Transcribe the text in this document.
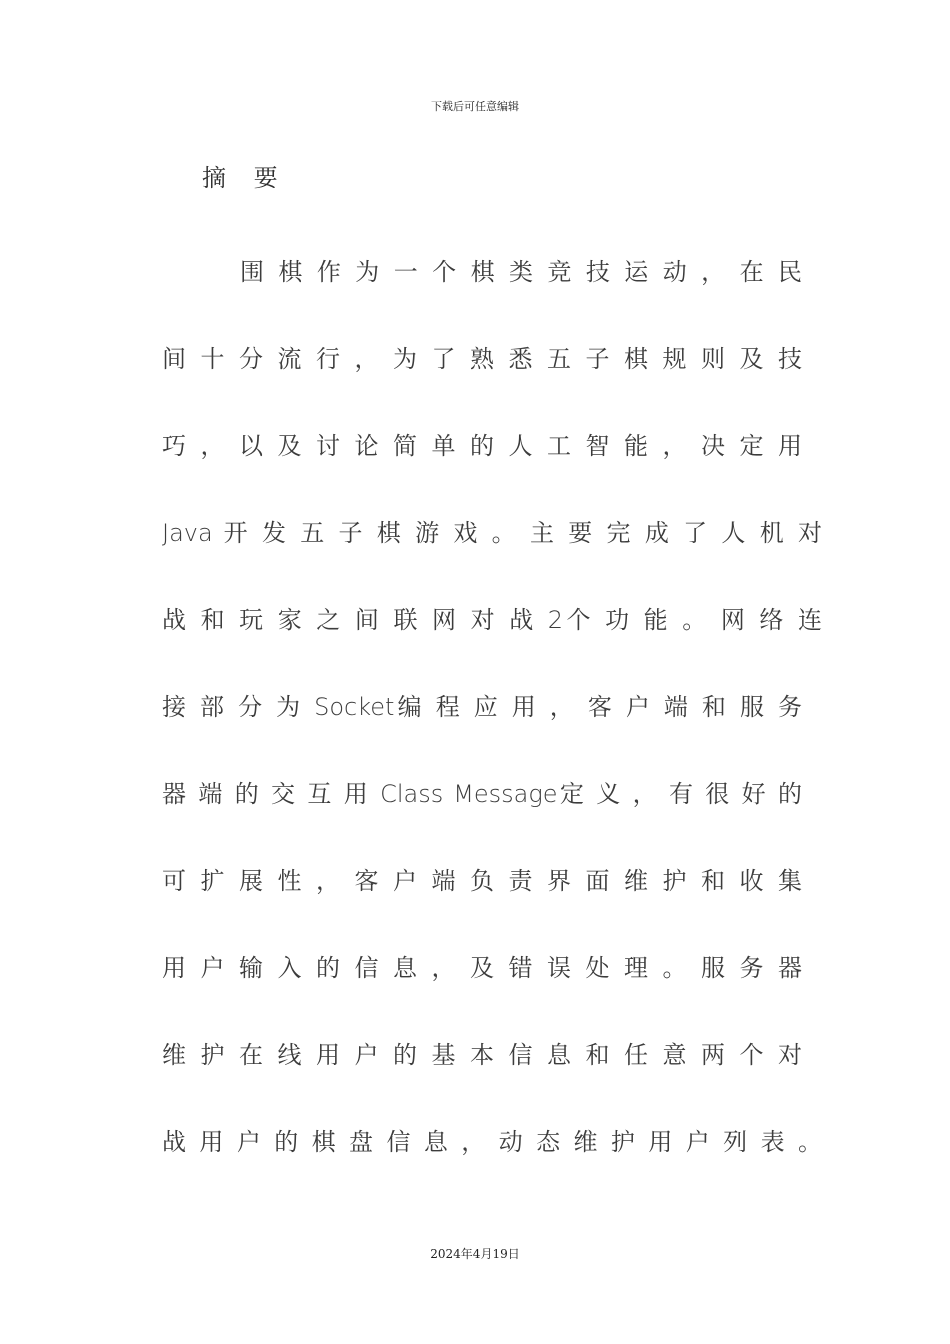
下载后可任意编辑
摘 要
围 棋 作 为 一 个 棋 类 竞 技 运 动 ， 在 民
间 十 分 流 行 ， 为 了 熟 悉 五 子 棋 规 则 及 技
巧 ， 以 及 讨 论 简 单 的 人 工 智 能 ， 决 定 用
Java 开 发 五 子 棋 游 戏 。 主 要 完 成 了 人 机 对
战 和 玩 家 之 间 联 网 对 战 2个 功 能 。 网 络 连
接 部 分 为 Socket编 程 应 用 ， 客 户 端 和 服 务
器 端 的 交 互 用 Class Message定 义 ， 有 很 好 的
可 扩 展 性 ， 客 户 端 负 责 界 面 维 护 和 收 集
用 户 输 入 的 信 息 ， 及 错 误 处 理 。 服 务 器
维 护 在 线 用 户 的 基 本 信 息 和 任 意 两 个 对
战 用 户 的 棋 盘 信 息 ， 动 态 维 护 用 户 列 表 。
2024年4月19日
